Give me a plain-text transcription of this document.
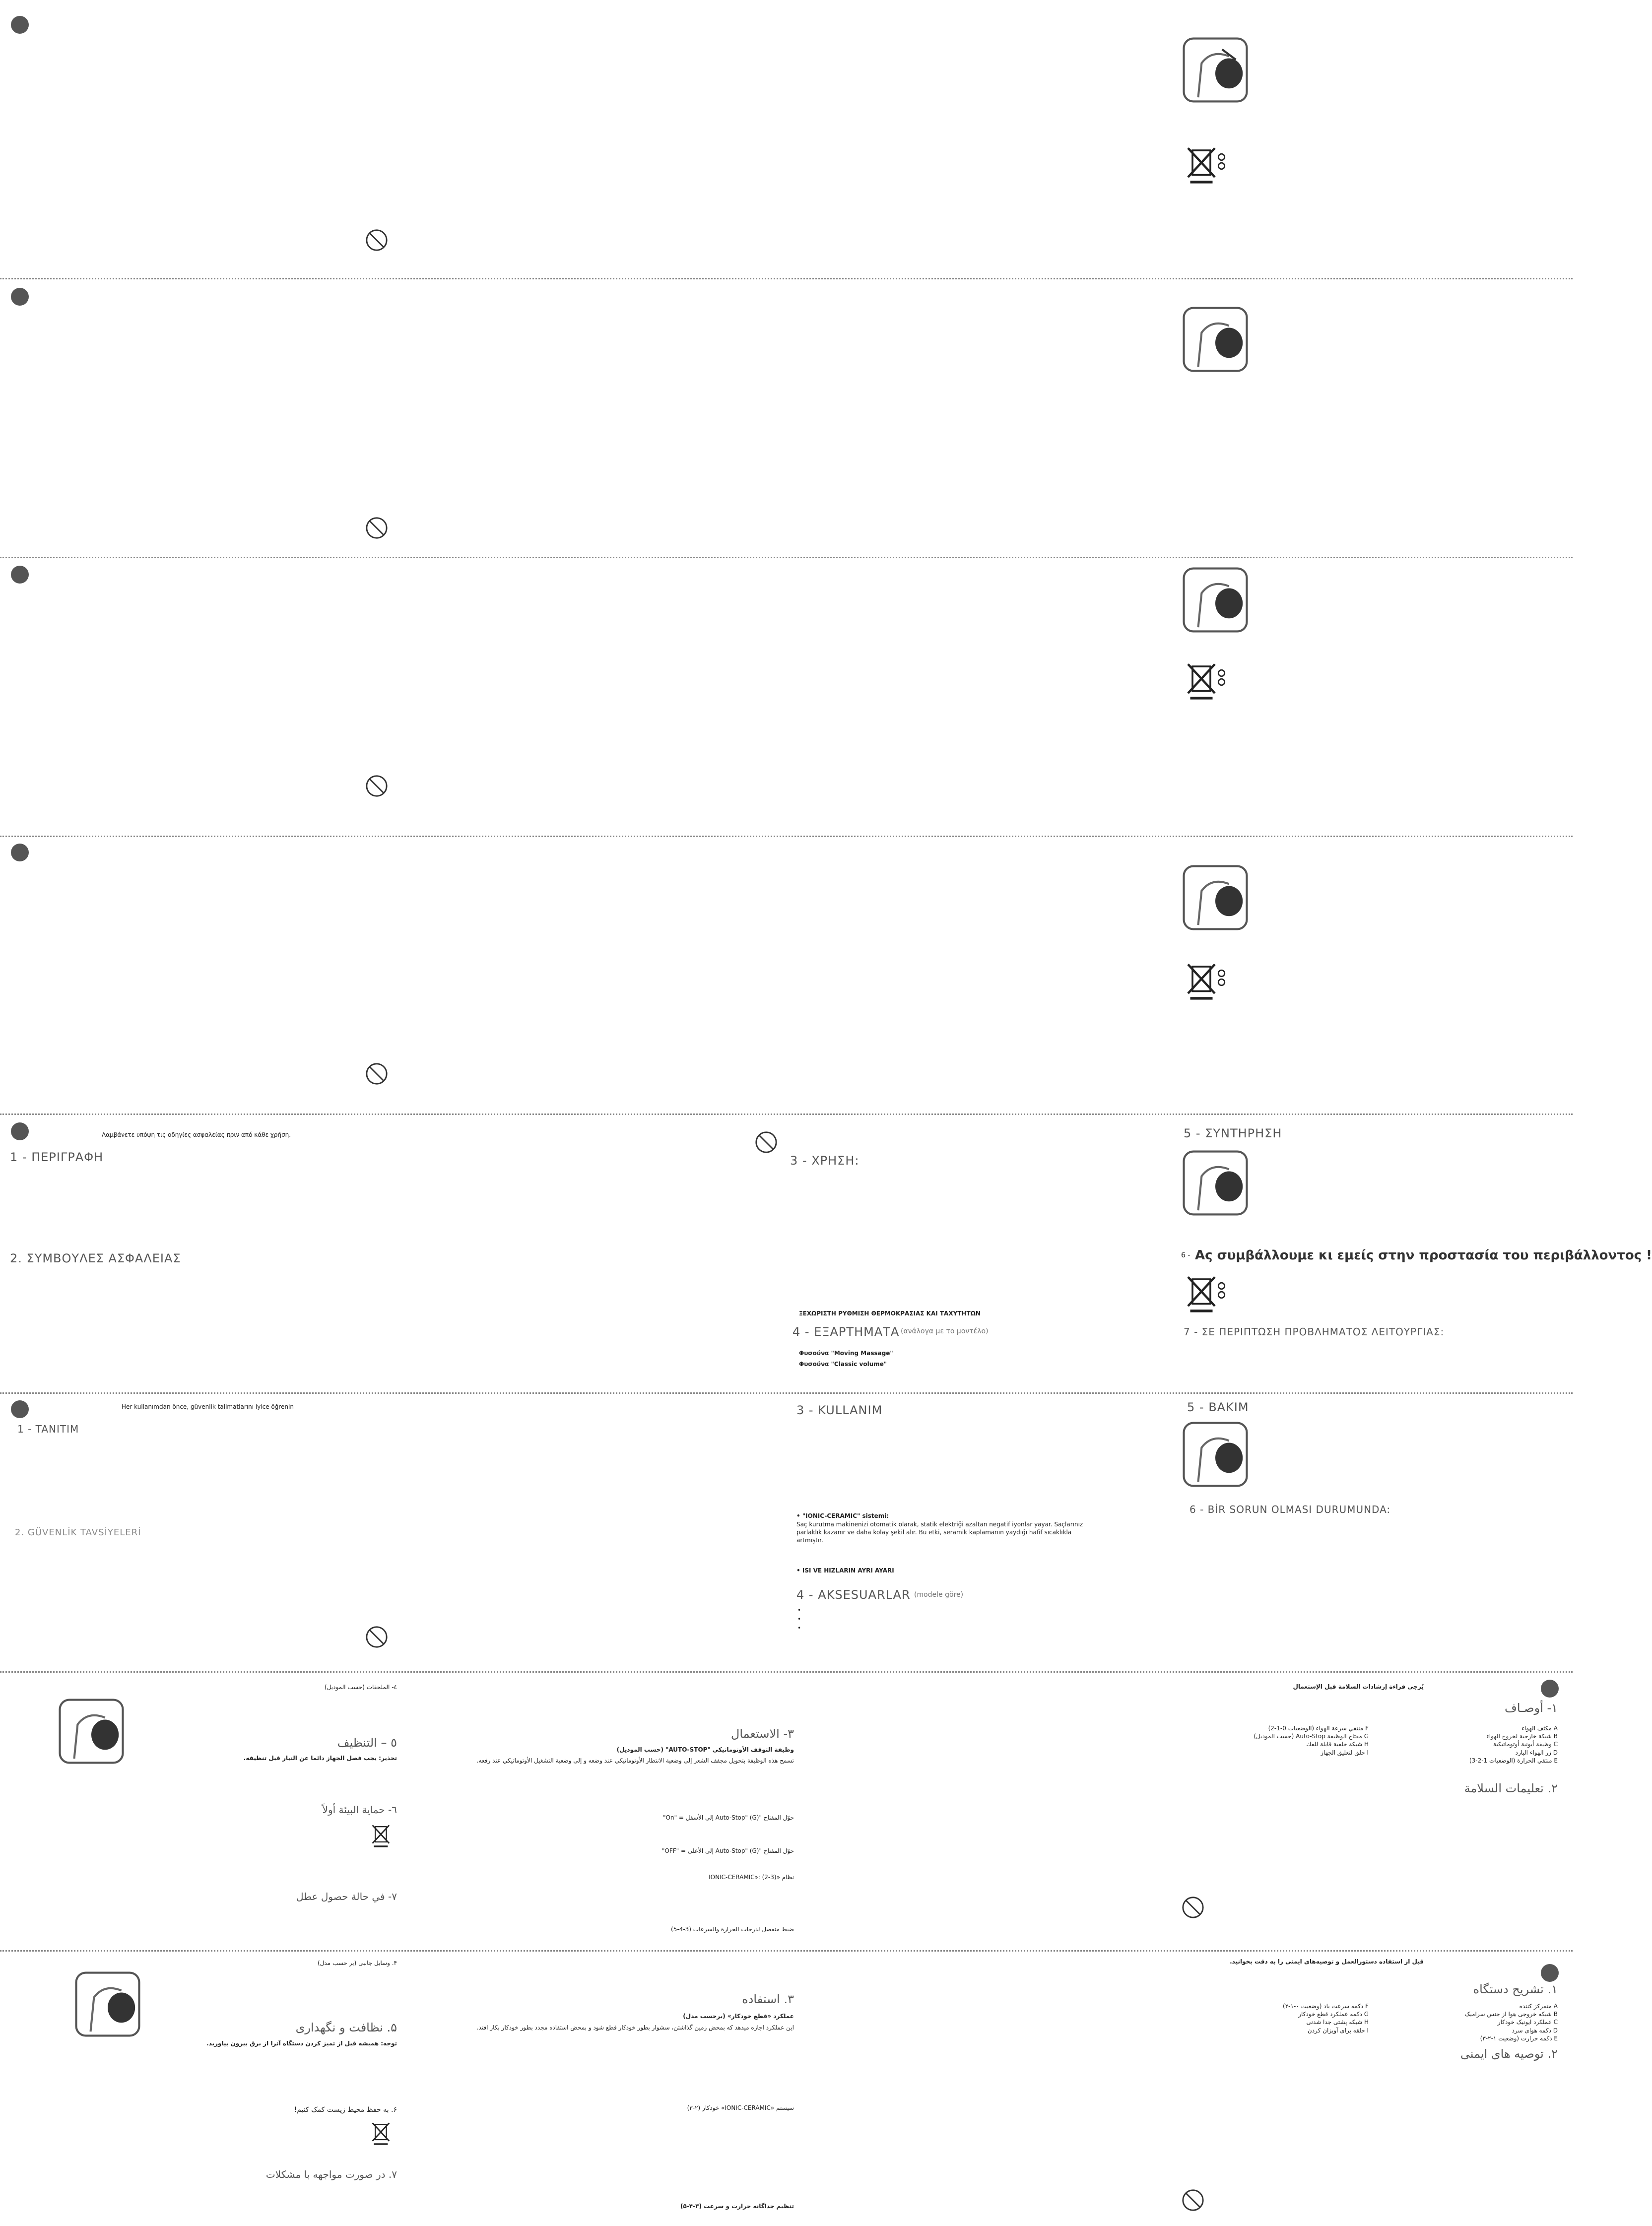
Λαμβάνετε υπόψη τις οδηγίες ασφαλείας πριν από κάθε χρήση.
1 - ΠΕΡΙΓΡΑΦΗ
2. ΣΥΜΒΟΥΛΕΣ ΑΣΦΑΛΕΙΑΣ
3 - ΧΡΗΣΗ:
ΞΕΧΩΡΙΣΤΗ ΡΥΘΜΙΣΗ ΘΕΡΜΟΚΡΑΣΙΑΣ ΚΑΙ ΤΑΧΥΤΗΤΩΝ
4 - ΕΞΑΡΤΗΜΑΤΑ (ανάλογα με το μοντέλο)
Φυσούνα "Moving Massage"
Φυσούνα "Classic volume"
5 - ΣΥΝΤΗΡΗΣΗ
6 - Ας συμβάλλουμε κι εμείς στην προστασία του περιβάλλοντος !
7 - ΣΕ ΠΕΡΙΠΤΩΣΗ ΠΡΟΒΛΗΜΑΤΟΣ ΛΕΙΤΟΥΡΓΙΑΣ:
Her kullanımdan önce, güvenlik talimatlarını iyice öğrenin
1 - TANITIM
2. GÜVENLİK TAVSİYELERİ
3 - KULLANIM
• "IONIC-CERAMIC" sistemi:
Saç kurutma makinenizi otomatik olarak, statik elektriği azaltan negatif iyonlar yayar. Saçlarınız parlaklık kazanır ve daha kolay şekil alır. Bu etki, seramik kaplamanın yaydığı hafif sıcaklıkla artmıştır.
• ISI VE HIZLARIN AYRI AYARI
4 - AKSESUARLAR (modele göre)
•
•
•
5 - BAKIM
6 - BİR SORUN OLMASI DURUMUNDA:
يُرجى قراءة إرشادات السلامة قبل الإستعمال
١- أوصـاف
A مكثف الهواء
B شبكة خارجية لخروج الهواء
C وظيفة أيونية أوتوماتيكية
D زر الهواء البارد
E منتقي الحرارة (الوضعيات 1-2-3)
F منتقي سرعة الهواء (الوضعيات 0-1-2)
G مفتاح الوظيفة Auto-Stop (حسب الموديل)
H شبكة خلفية قابلة للفك
I حلق لتعليق الجهاز
٢. تعليمات السلامة
٣- الاستعمال
وظيفة التوقف الأوتوماتيكي "AUTO-STOP" (حسب الموديل)
تسمح هذه الوظيفة بتحويل مجفف الشعر إلى وضعية الانتظار الأوتوماتيكي عند وضعه و إلى وضعية التشغيل الأوتوماتيكي عند رفعه.
حوّل المفتاح "Auto-Stop" (G) إلى الأسفل = "On"
حوّل المفتاح "Auto-Stop" (G) إلى الأعلى = "OFF"
نظام «IONIC-CERAMIC»: (2-3)
ضبط منفصل لدرجات الحرارة والسرعات (3-4-5)
٤- الملحقات (حسب الموديل)
٥ – التنظيف
تحذير: يجب فصل الجهاز دائما عن التيار قبل تنظيفه.
٦- حماية البيئة أولاً
٧- في حالة حصول عطل
قبل از استفاده دستورالعمل و توصیه‌های ایمنی را به دقت بخوانید.
۱. تشریح دستگاه
A متمرکز کننده
B شبکه خروجی هوا از جنس سرامیک
C عملکرد ایونیک خودکار
D دکمه هوای سرد
E دکمه حرارت (وضعیت ۱-۲-۳)
F دکمه سرعت باد (وضعیت ۰-۱-۲)
G دکمه عملکرد قطع خودکار
H شبکه پشتی جدا شدنی
I حلقه برای آویزان کردن
۲. توصیه های ایمنی
۳. استفاده
عملکرد «قطع خودکار» (برحسب مدل)
این عملکرد اجازه میدهد که بمحض زمین گذاشتن، سشوار بطور خودکار قطع شود و بمحض استفاده مجدد بطور خودکار بکار افتد.
سیستم «IONIC-CERAMIC» خودکار (۲-۳)
تنظیم جداگانه حرارت و سرعت (۳-۴-۵)
۴. وسایل جانبی (بر حسب مدل)
۵. نظافت و نگهداری
توجه: همیشه قبل از تمیز کردن دستگاه آنرا از برق بیرون بیاورید.
۶. به حفظ محیط زیست کمک کنیم!
۷. در صورت مواجهه با مشکلات
